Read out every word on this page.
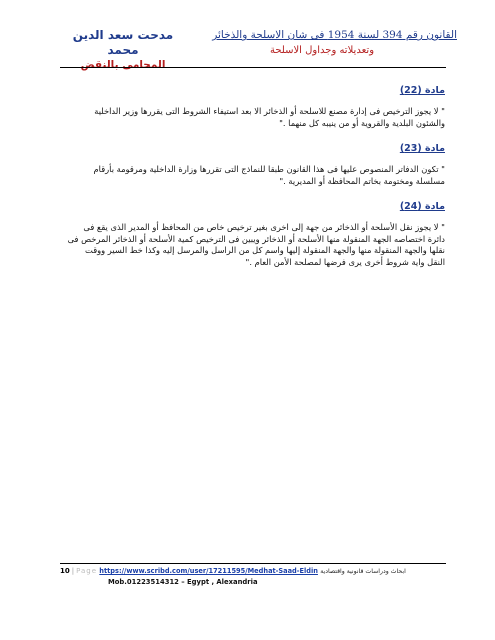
مدحت سعد الدين محمد
المحامى بالنقض
القانون رقم 394 لسنة 1954 فى شان الاسلحة والذخائر
وتعديلاته وجداول الاسلحة
مادة (22)

" لا يجوز الترخيص فى إدارة مصنع للاسلحة أو الذخائر الا بعد استيفاء الشروط التى يقررها وزير الداخلية والشئون البلدية والقروية أو من ينيبه كل منهما ."

مادة (23)

" تكون الدفاتر المنصوص عليها فى هذا القانون طبقا للنماذج التى تقررها وزارة الداخلية ومرقومة بأرقام مسلسلة ومختومة بخاتم المحافظة أو المديرية ."

مادة (24)

" لا يجوز نقل الأسلحة أو الذخائر من جهة إلى اخرى بغير ترخيص خاص من المحافظ أو المدير الذى يقع فى دائرة اختصاصه الجهة المنقولة منها الأسلحة أو الذخائر ويبين فى الترخيص كمية الأسلحة أو الذخائر المرخص فى نقلها والجهة المنقولة منها والجهة المنقولة إليها واسم كل من الراسل والمرسل إليه وكذا خط السير ووقت النقل واية شروط أخرى يرى فرضها لمصلحة الأمن العام ."

10 | Page https://www.scribd.com/user/17211595/Medhat-Saad-Eldin ابحاث ودراسات قانونية واقتصادية
Mob.01223514312 – Egypt , Alexandria
